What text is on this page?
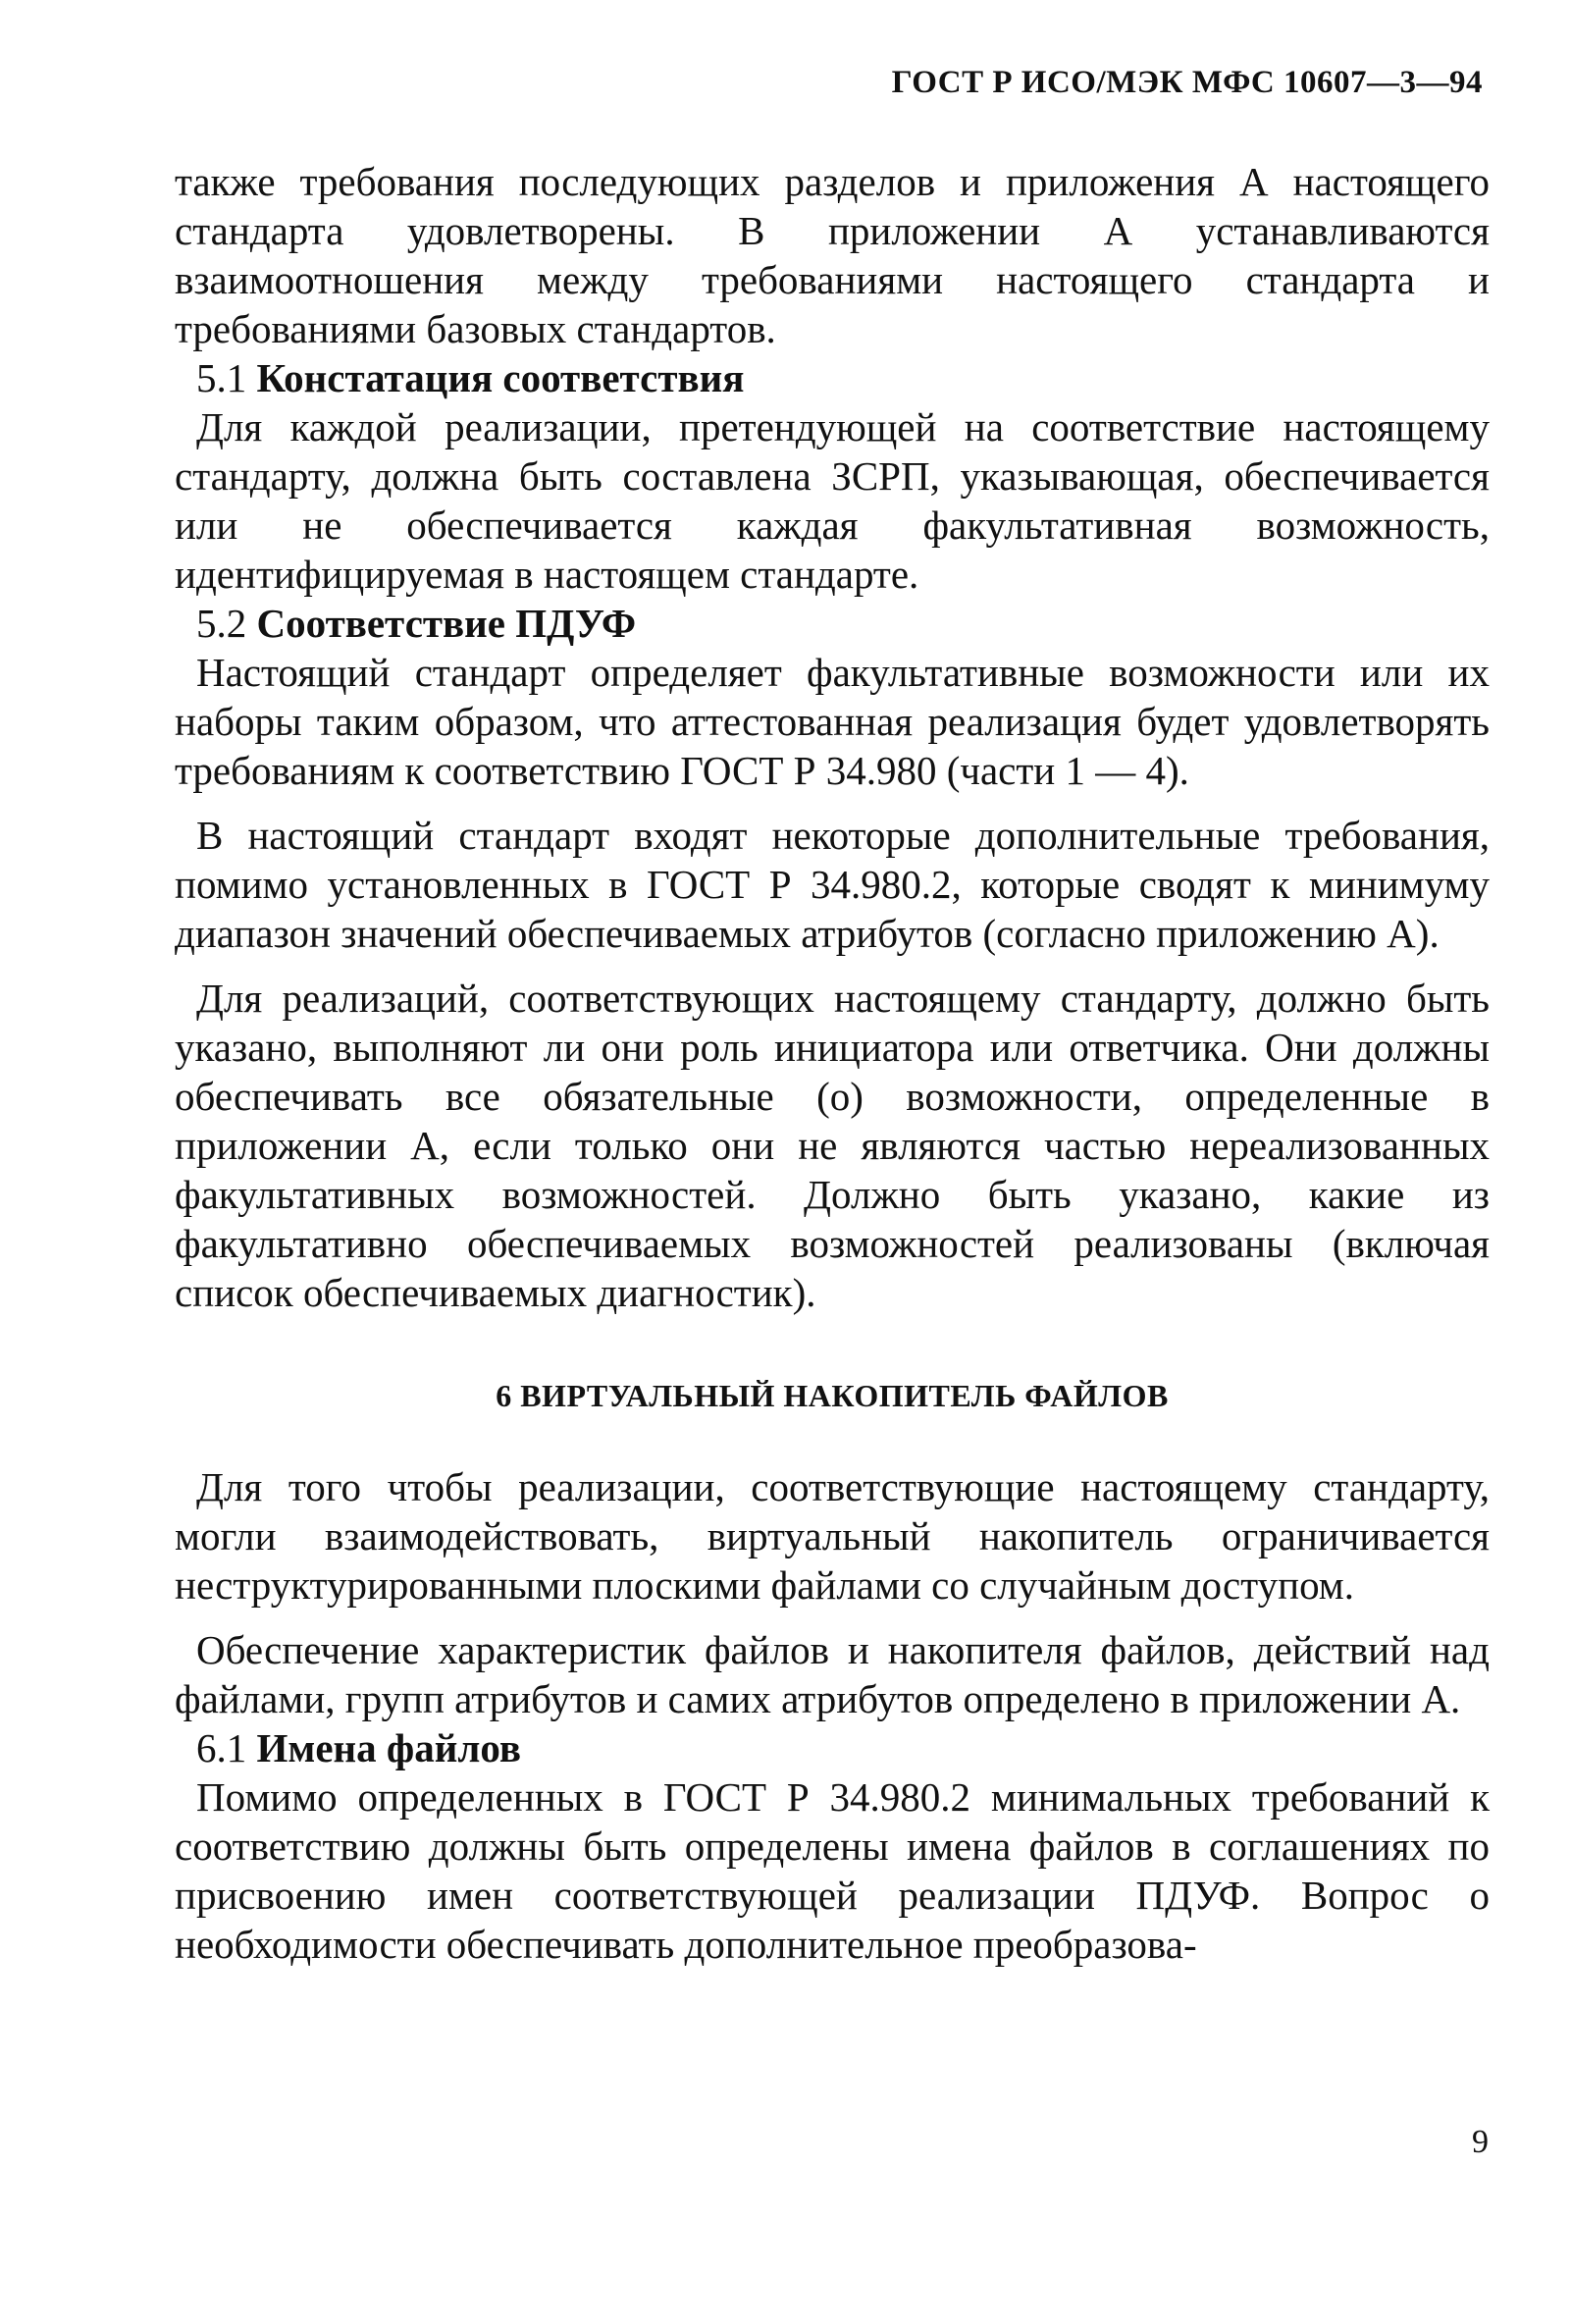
ГОСТ Р ИСО/МЭК МФС 10607—3—94

также требования последующих разделов и приложения А настоящего стандарта удовлетворены. В приложении А устанавливаются взаимоотношения между требованиями настоящего стандарта и требованиями базовых стандартов.

5.1 Констатация соответствия

Для каждой реализации, претендующей на соответствие настоящему стандарту, должна быть составлена ЗСРП, указывающая, обеспечивается или не обеспечивается каждая факультативная возможность, идентифицируемая в настоящем стандарте.

5.2 Соответствие ПДУФ

Настоящий стандарт определяет факультативные возможности или их наборы таким образом, что аттестованная реализация будет удовлетворять требованиям к соответствию ГОСТ Р 34.980 (части 1 — 4).

В настоящий стандарт входят некоторые дополнительные требования, помимо установленных в ГОСТ Р 34.980.2, которые сводят к минимуму диапазон значений обеспечиваемых атрибутов (согласно приложению А).

Для реализаций, соответствующих настоящему стандарту, должно быть указано, выполняют ли они роль инициатора или ответчика. Они должны обеспечивать все обязательные (о) возможности, определенные в приложении А, если только они не являются частью нереализованных факультативных возможностей. Должно быть указано, какие из факультативно обеспечиваемых возможностей реализованы (включая список обеспечиваемых диагностик).

6 ВИРТУАЛЬНЫЙ НАКОПИТЕЛЬ ФАЙЛОВ

Для того чтобы реализации, соответствующие настоящему стандарту, могли взаимодействовать, виртуальный накопитель ограничивается неструктурированными плоскими файлами со случайным доступом.

Обеспечение характеристик файлов и накопителя файлов, действий над файлами, групп атрибутов и самих атрибутов определено в приложении А.

6.1 Имена файлов

Помимо определенных в ГОСТ Р 34.980.2 минимальных требований к соответствию должны быть определены имена файлов в соглашениях по присвоению имен соответствующей реализации ПДУФ. Вопрос о необходимости обеспечивать дополнительное преобразова-

9
